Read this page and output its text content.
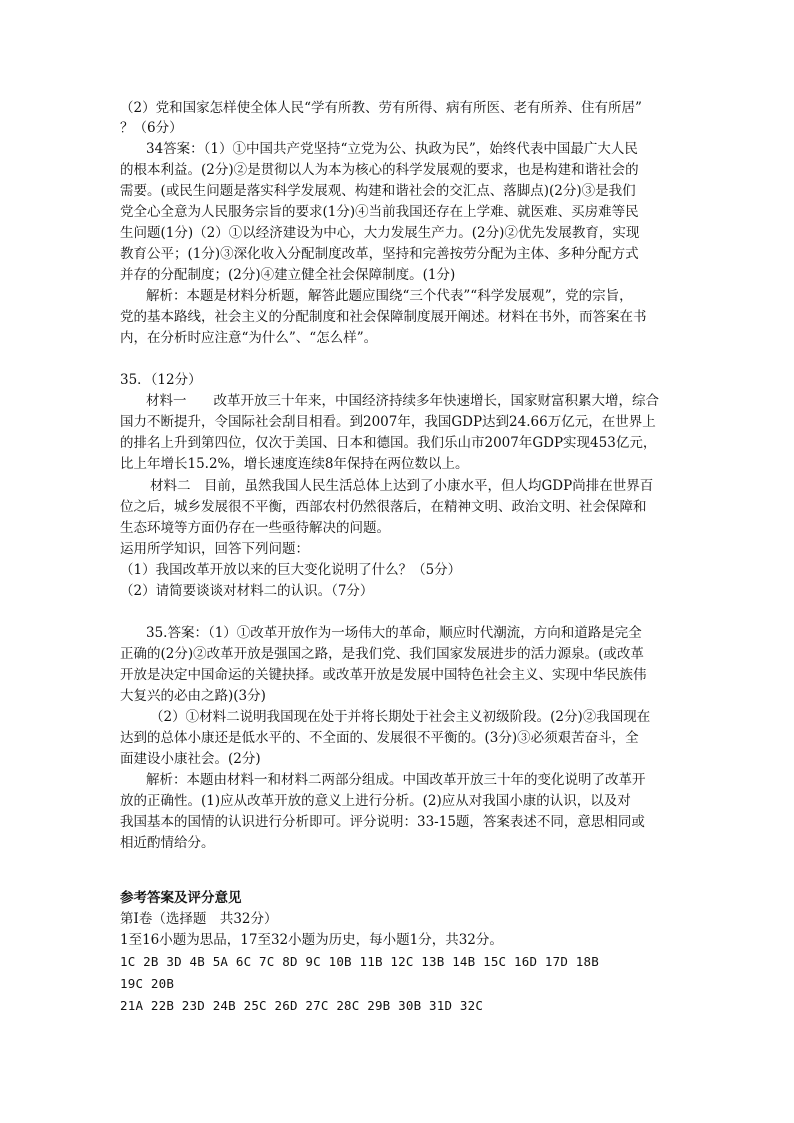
（2）党和国家怎样使全体人民“学有所教、劳有所得、病有所医、老有所养、住有所居”
？（6分）
34答案：（1）①中国共产党坚持“立党为公、执政为民”，始终代表中国最广大人民
的根本利益。(2分)②是贯彻以人为本为核心的科学发展观的要求，也是构建和谐社会的
需要。(或民生问题是落实科学发展观、构建和谐社会的交汇点、落脚点)(2分)③是我们
党全心全意为人民服务宗旨的要求(1分)④当前我国还存在上学难、就医难、买房难等民
生问题(1分)（2）①以经济建设为中心，大力发展生产力。(2分)②优先发展教育，实现
教育公平；(1分)③深化收入分配制度改革，坚持和完善按劳分配为主体、多种分配方式
并存的分配制度；(2分)④建立健全社会保障制度。(1分)
解析：本题是材料分析题，解答此题应围绕“三个代表”“科学发展观”，党的宗旨，
党的基本路线，社会主义的分配制度和社会保障制度展开阐述。材料在书外，而答案在书
内，在分析时应注意“为什么”、“怎么样”。
35．（12分）
材料一　　改革开放三十年来，中国经济持续多年快速增长，国家财富积累大增，综合
国力不断提升，令国际社会刮目相看。到2007年，我国GDP达到24.66万亿元，在世界上
的排名上升到第四位，仅次于美国、日本和德国。我们乐山市2007年GDP实现453亿元，
比上年增长15.2%，增长速度连续8年保持在两位数以上。
材料二　目前，虽然我国人民生活总体上达到了小康水平，但人均GDP尚排在世界百
位之后，城乡发展很不平衡，西部农村仍然很落后，在精神文明、政治文明、社会保障和
生态环境等方面仍存在一些亟待解决的问题。
运用所学知识，回答下列问题：
（1）我国改革开放以来的巨大变化说明了什么？（5分）
（2）请简要谈谈对材料二的认识。（7分）
35.答案：（1）①改革开放作为一场伟大的革命，顺应时代潮流，方向和道路是完全
正确的(2分)②改革开放是强国之路，是我们党、我们国家发展进步的活力源泉。(或改革
开放是决定中国命运的关键抉择。或改革开放是发展中国特色社会主义、实现中华民族伟
大复兴的必由之路)(3分)
（2）①材料二说明我国现在处于并将长期处于社会主义初级阶段。(2分)②我国现在
达到的总体小康还是低水平的、不全面的、发展很不平衡的。(3分)③必须艰苦奋斗，全
面建设小康社会。(2分)
解析：本题由材料一和材料二两部分组成。中国改革开放三十年的变化说明了改革开
放的正确性。(1)应从改革开放的意义上进行分析。(2)应从对我国小康的认识，以及对
我国基本的国情的认识进行分析即可。评分说明：33-15题，答案表述不同，意思相同或
相近酌情给分。
参考答案及评分意见
第Ⅰ卷（选择题　共32分）
1至16小题为思品，17至32小题为历史，每小题1分，共32分。
1C 2B 3D 4B 5A 6C 7C 8D 9C 10B 11B 12C 13B 14B 15C 16D 17D 18B
19C 20B
21A 22B 23D 24B 25C 26D 27C 28C 29B 30B 31D 32C
